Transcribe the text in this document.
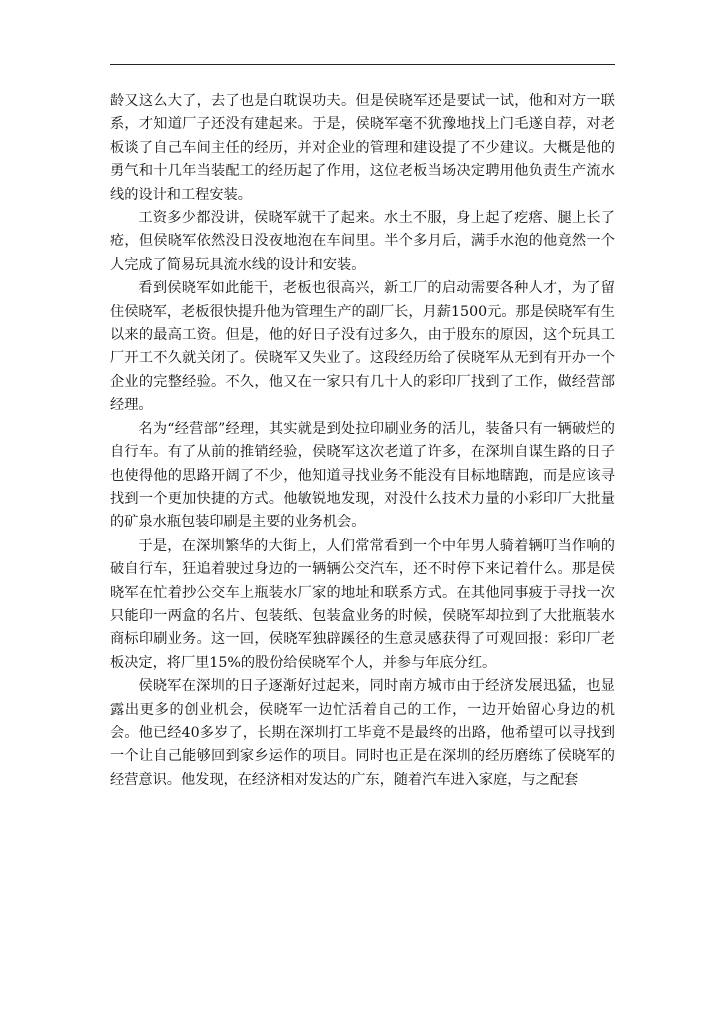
龄又这么大了，去了也是白耽误功夫。但是侯晓军还是要试一试，他和对方一联系，才知道厂子还没有建起来。于是，侯晓军毫不犹豫地找上门毛遂自荐，对老板谈了自己车间主任的经历，并对企业的管理和建设提了不少建议。大概是他的勇气和十几年当装配工的经历起了作用，这位老板当场决定聘用他负责生产流水线的设计和工程安装。

工资多少都没讲，侯晓军就干了起来。水土不服，身上起了疙瘩、腿上长了疮，但侯晓军依然没日没夜地泡在车间里。半个多月后，满手水泡的他竟然一个人完成了简易玩具流水线的设计和安装。

看到侯晓军如此能干，老板也很高兴，新工厂的启动需要各种人才，为了留住侯晓军，老板很快提升他为管理生产的副厂长，月薪1500元。那是侯晓军有生以来的最高工资。但是，他的好日子没有过多久，由于股东的原因，这个玩具工厂开工不久就关闭了。侯晓军又失业了。这段经历给了侯晓军从无到有开办一个企业的完整经验。不久，他又在一家只有几十人的彩印厂找到了工作，做经营部经理。

名为“经营部”经理，其实就是到处拉印刷业务的活儿，装备只有一辆破烂的自行车。有了从前的推销经验，侯晓军这次老道了许多，在深圳自谋生路的日子也使得他的思路开阔了不少，他知道寻找业务不能没有目标地瞎跑，而是应该寻找到一个更加快捷的方式。他敏锐地发现，对没什么技术力量的小彩印厂大批量的矿泉水瓶包装印刷是主要的业务机会。

于是，在深圳繁华的大街上，人们常常看到一个中年男人骑着辆叮当作响的破自行车，狂追着驶过身边的一辆辆公交汽车，还不时停下来记着什么。那是侯晓军在忙着抄公交车上瓶装水厂家的地址和联系方式。在其他同事疲于寻找一次只能印一两盒的名片、包装纸、包装盒业务的时候，侯晓军却拉到了大批瓶装水商标印刷业务。这一回，侯晓军独辟蹊径的生意灵感获得了可观回报：彩印厂老板决定，将厂里15%的股份给侯晓军个人，并参与年底分红。

侯晓军在深圳的日子逐渐好过起来，同时南方城市由于经济发展迅猛，也显露出更多的创业机会，侯晓军一边忙活着自己的工作，一边开始留心身边的机会。他已经40多岁了，长期在深圳打工毕竟不是最终的出路，他希望可以寻找到一个让自己能够回到家乡运作的项目。同时也正是在深圳的经历磨练了侯晓军的经营意识。他发现，在经济相对发达的广东，随着汽车进入家庭，与之配套
